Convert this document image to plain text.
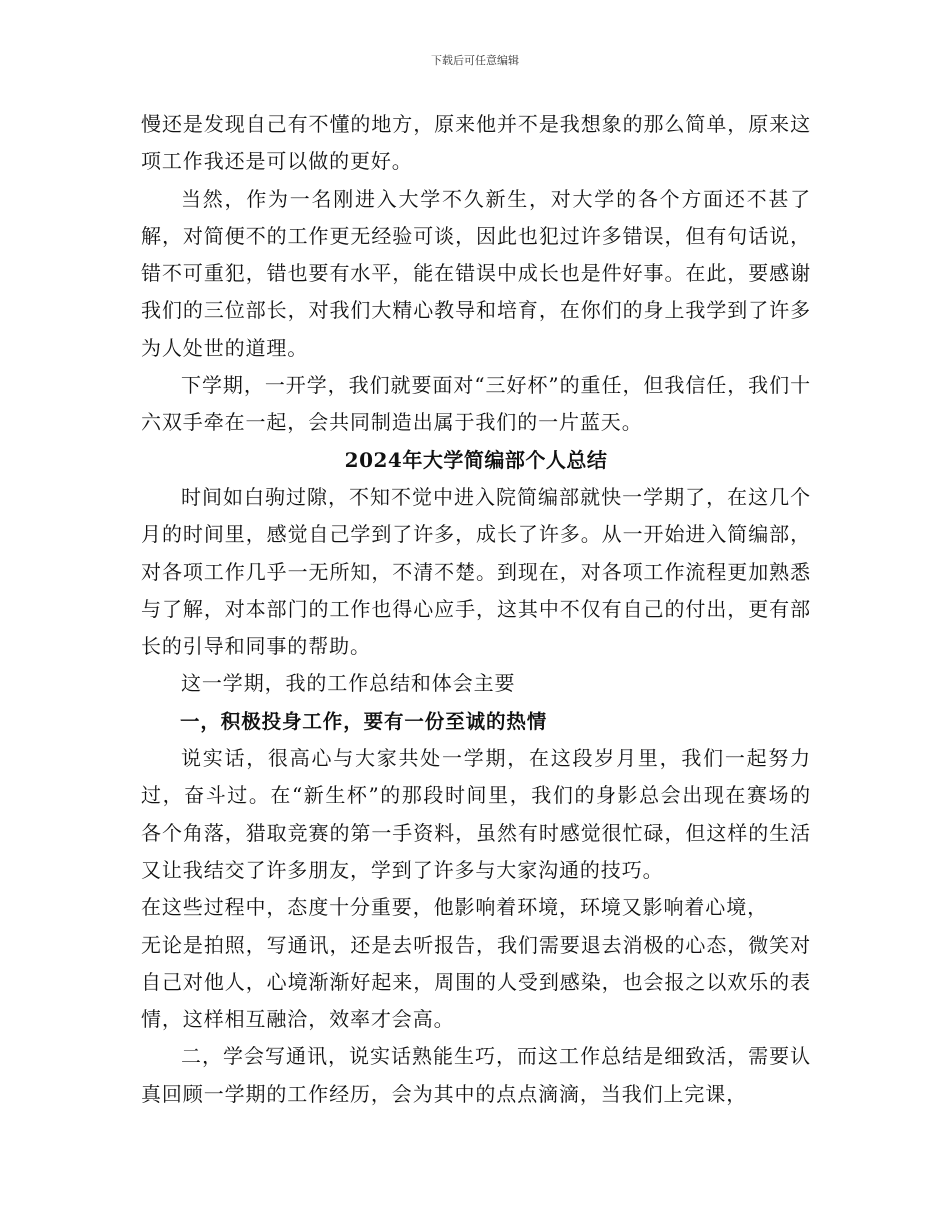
下载后可任意编辑

慢还是发现自己有不懂的地方，原来他并不是我想象的那么简单，原来这项工作我还是可以做的更好。

当然，作为一名刚进入大学不久新生，对大学的各个方面还不甚了解，对简便不的工作更无经验可谈，因此也犯过许多错误，但有句话说，错不可重犯，错也要有水平，能在错误中成长也是件好事。在此，要感谢我们的三位部长，对我们大精心教导和培育，在你们的身上我学到了许多为人处世的道理。

下学期，一开学，我们就要面对“三好杯”的重任，但我信任，我们十六双手牵在一起，会共同制造出属于我们的一片蓝天。

2024年大学简编部个人总结

时间如白驹过隙，不知不觉中进入院简编部就快一学期了，在这几个月的时间里，感觉自己学到了许多，成长了许多。从一开始进入简编部，对各项工作几乎一无所知，不清不楚。到现在，对各项工作流程更加熟悉与了解，对本部门的工作也得心应手，这其中不仅有自己的付出，更有部长的引导和同事的帮助。

这一学期，我的工作总结和体会主要

一，积极投身工作，要有一份至诚的热情

说实话，很高心与大家共处一学期，在这段岁月里，我们一起努力过，奋斗过。在“新生杯”的那段时间里，我们的身影总会出现在赛场的各个角落，猎取竞赛的第一手资料，虽然有时感觉很忙碌，但这样的生活又让我结交了许多朋友，学到了许多与大家沟通的技巧。

在这些过程中，态度十分重要，他影响着环境，环境又影响着心境，

无论是拍照，写通讯，还是去听报告，我们需要退去消极的心态，微笑对自己对他人，心境渐渐好起来，周围的人受到感染，也会报之以欢乐的表情，这样相互融洽，效率才会高。

二，学会写通讯，说实话熟能生巧，而这工作总结是细致活，需要认真回顾一学期的工作经历，会为其中的点点滴滴，当我们上完课，
